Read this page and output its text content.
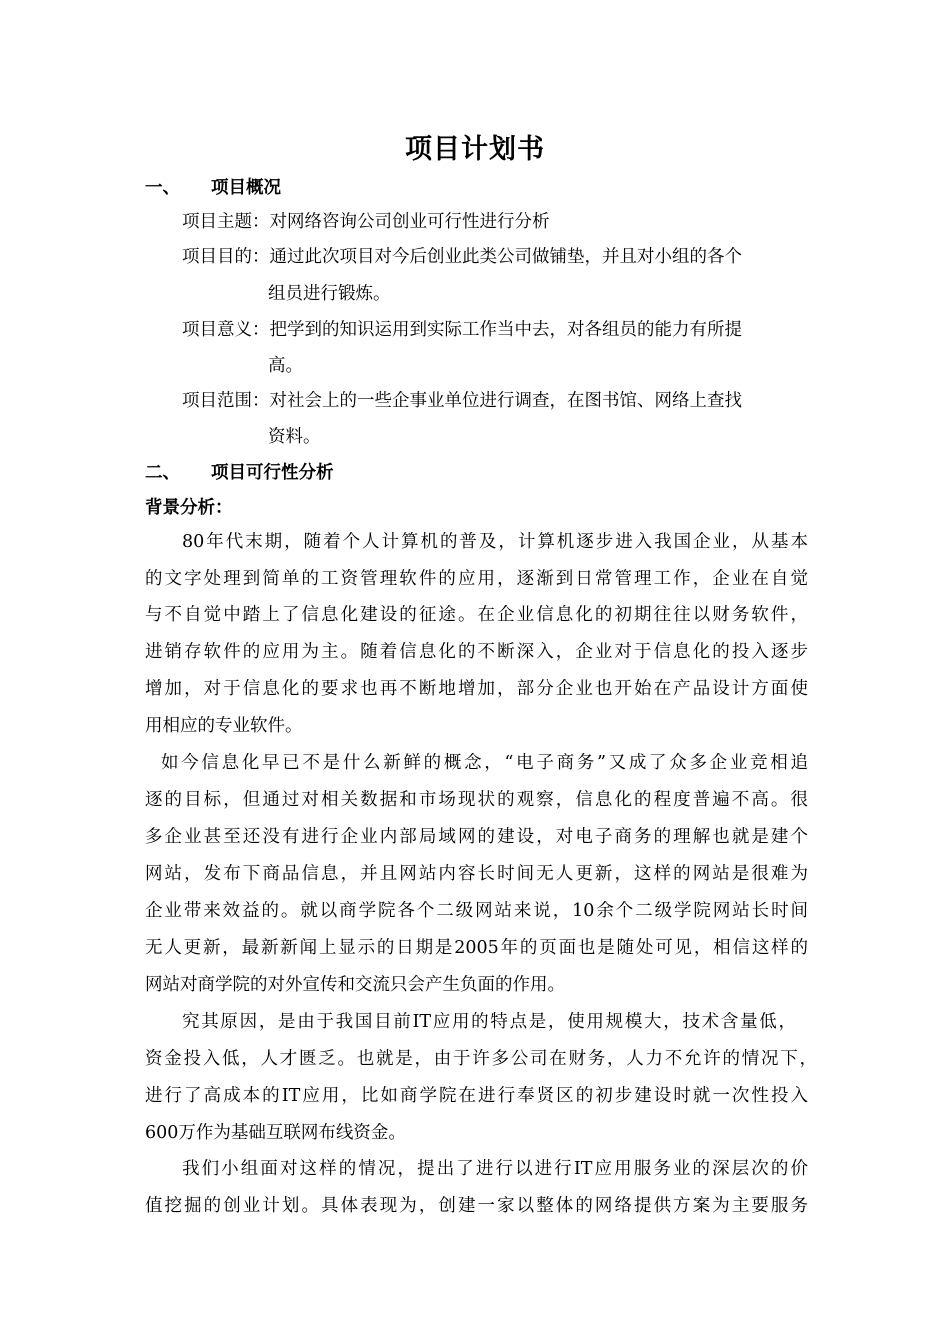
项目计划书
一、 项目概况
项目主题：对网络咨询公司创业可行性进行分析
项目目的：通过此次项目对今后创业此类公司做铺垫，并且对小组的各个
组员进行锻炼。
项目意义：把学到的知识运用到实际工作当中去，对各组员的能力有所提
高。
项目范围：对社会上的一些企事业单位进行调查，在图书馆、网络上查找
资料。
二、 项目可行性分析
背景分析：
80年代末期，随着个人计算机的普及，计算机逐步进入我国企业，从基本
的文字处理到简单的工资管理软件的应用，逐渐到日常管理工作，企业在自觉
与不自觉中踏上了信息化建设的征途。在企业信息化的初期往往以财务软件，
进销存软件的应用为主。随着信息化的不断深入，企业对于信息化的投入逐步
增加，对于信息化的要求也再不断地增加，部分企业也开始在产品设计方面使
用相应的专业软件。
如今信息化早已不是什么新鲜的概念，“电子商务”又成了众多企业竞相追
逐的目标，但通过对相关数据和市场现状的观察，信息化的程度普遍不高。很
多企业甚至还没有进行企业内部局域网的建设，对电子商务的理解也就是建个
网站，发布下商品信息，并且网站内容长时间无人更新，这样的网站是很难为
企业带来效益的。就以商学院各个二级网站来说，10余个二级学院网站长时间
无人更新，最新新闻上显示的日期是2005年的页面也是随处可见，相信这样的
网站对商学院的对外宣传和交流只会产生负面的作用。
究其原因，是由于我国目前IT应用的特点是，使用规模大，技术含量低，
资金投入低，人才匮乏。也就是，由于许多公司在财务，人力不允许的情况下，
进行了高成本的IT应用，比如商学院在进行奉贤区的初步建设时就一次性投入
600万作为基础互联网布线资金。
我们小组面对这样的情况，提出了进行以进行IT应用服务业的深层次的价
值挖掘的创业计划。具体表现为，创建一家以整体的网络提供方案为主要服务
